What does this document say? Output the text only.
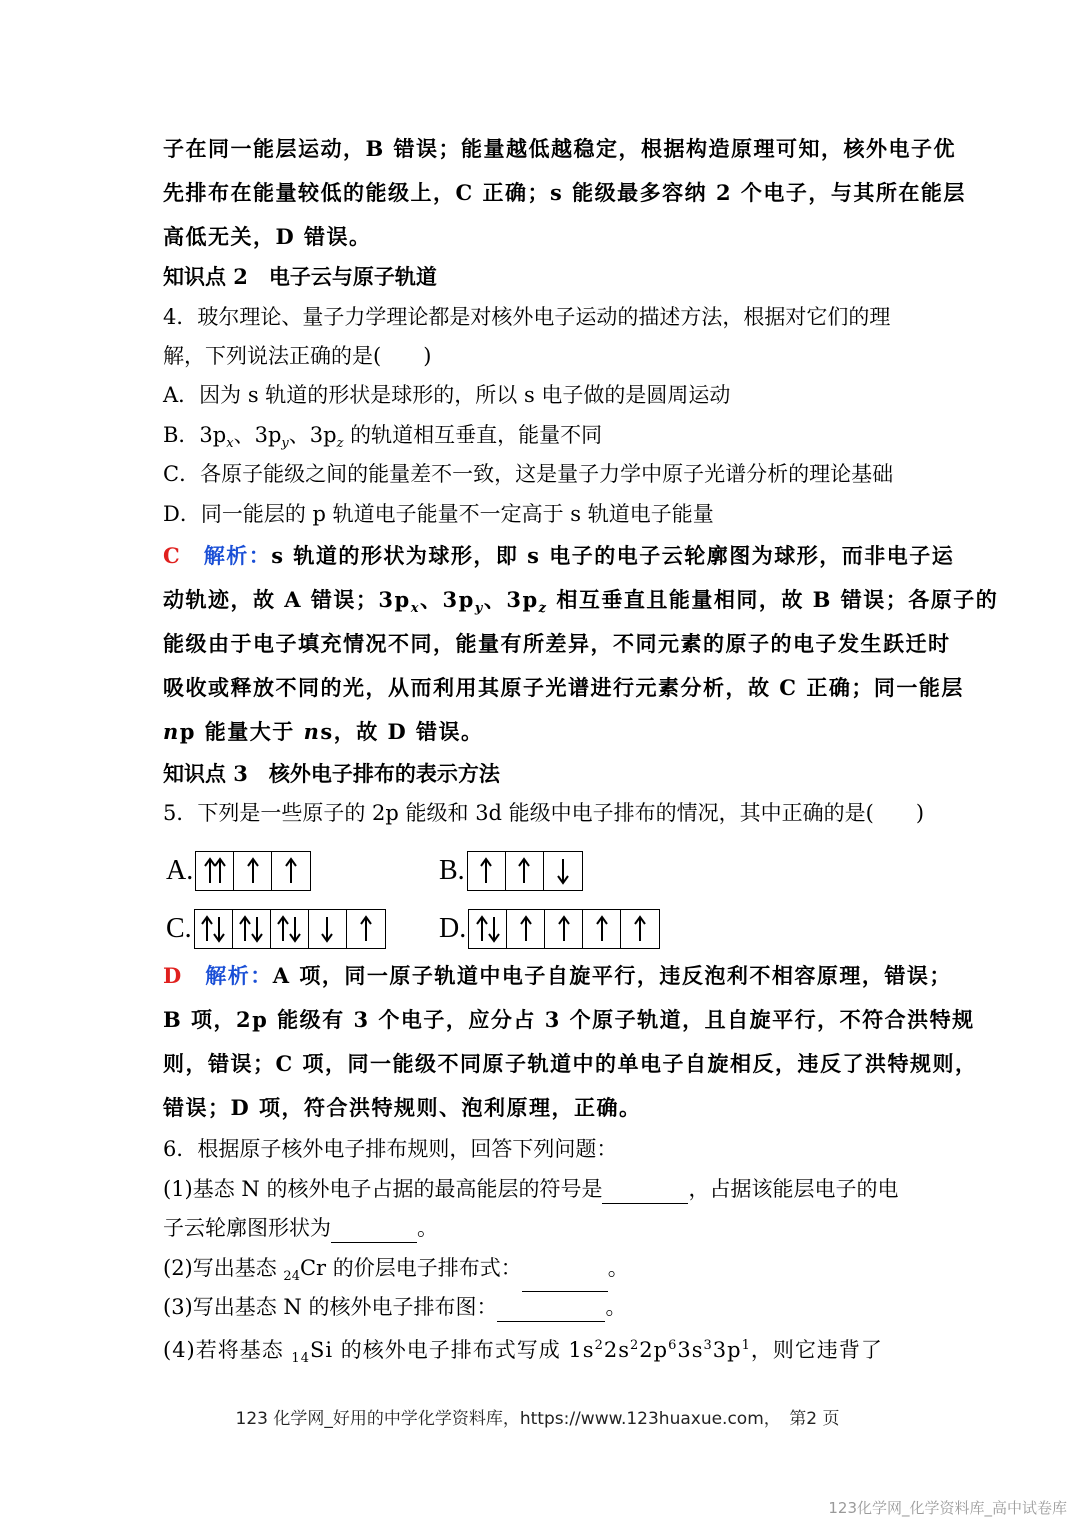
子在同一能层运动，B 错误；能量越低越稳定，根据构造原理可知，核外电子优
先排布在能量较低的能级上，C 正确；s 能级最多容纳 2 个电子，与其所在能层
高低无关，D 错误。
知识点 2　电子云与原子轨道
4．玻尔理论、量子力学理论都是对核外电子运动的描述方法，根据对它们的理
解，下列说法正确的是(　　)
A．因为 s 轨道的形状是球形的，所以 s 电子做的是圆周运动
B．$3p_x$、$3p_y$、$3p_z$ 的轨道相互垂直，能量不同
C．各原子能级之间的能量差不一致，这是量子力学中原子光谱分析的理论基础
D．同一能层的 p 轨道电子能量不一定高于 s 轨道电子能量
C　 解析：s 轨道的形状为球形，即 s 电子的电子云轮廓图为球形，而非电子运
动轨迹，故 A 错误；$3p_x$、$3p_y$、$3p_z$ 相互垂直且能量相同，故 B 错误；各原子的
能级由于电子填充情况不同，能量有所差异，不同元素的原子的电子发生跃迁时
吸收或释放不同的光，从而利用其原子光谱进行元素分析，故 C 正确；同一能层
np 能量大于 ns，故 D 错误。
知识点 3　核外电子排布的表示方法
5．下列是一些原子的 2p 能级和 3d 能级中电子排布的情况，其中正确的是(　　)
A.	B.
C.	D.
D　 解析：A 项，同一原子轨道中电子自旋平行，违反泡利不相容原理，错误；
B 项，2p 能级有 3 个电子，应分占 3 个原子轨道，且自旋平行，不符合洪特规
则，错误；C 项，同一能级不同原子轨道中的单电子自旋相反，违反了洪特规则，
错误；D 项，符合洪特规则、泡利原理，正确。
6．根据原子核外电子排布规则，回答下列问题：
(1)基态 N 的核外电子占据的最高能层的符号是	，占据该能层电子的电
子云轮廓图形状为	。
(2)写出基态 $_{24}$Cr 的价层电子排布式：	。
(3)写出基态 N 的核外电子排布图：	。
(4)若将基态 $_{14}$Si 的核外电子排布式写成 $1s^22s^22p^63s^33p^1$，则它违背了
123 化学网_好用的中学化学资料库，https://www.123huaxue.com，　第2 页
123化学网_化学资料库_高中试卷库
